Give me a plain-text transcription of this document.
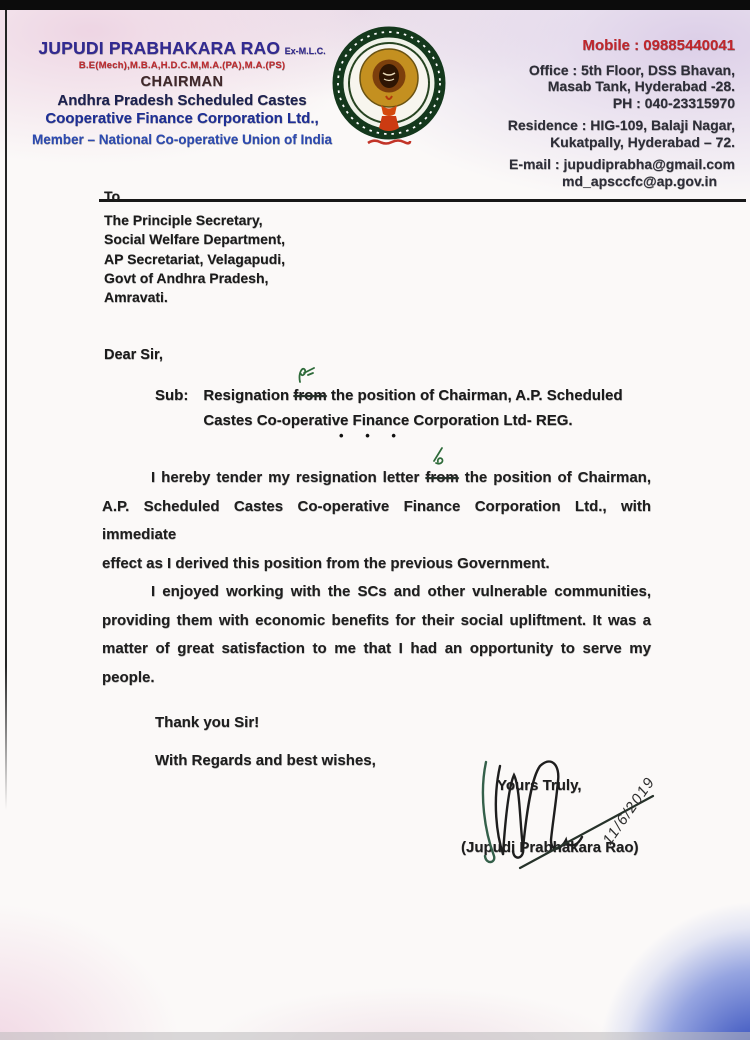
JUPUDI PRABHAKARA RAO Ex-M.L.C.
B.E(Mech),M.B.A,H.D.C.M,M.A.(PA),M.A.(PS)
CHAIRMAN
Andhra Pradesh Scheduled Castes
Cooperative Finance Corporation Ltd.,
Member – National Co-operative Union of India
Mobile : 09885440041
Office : 5th Floor, DSS Bhavan,
Masab Tank, Hyderabad -28.
PH : 040-23315970
Residence : HIG-109, Balaji Nagar,
Kukatpally, Hyderabad – 72.
E-mail : jupudiprabha@gmail.com
md_apsccfc@ap.gov.in
To
The Principle Secretary,
Social Welfare Department,
AP Secretariat, Velagapudi,
Govt of Andhra Pradesh,
Amravati.
Dear Sir,
Sub: Resignation from the position of Chairman, A.P. Scheduled
Castes Co-operative Finance Corporation Ltd- REG.
• • •
I hereby tender my resignation letter from the position of Chairman,
A.P. Scheduled Castes Co-operative Finance Corporation Ltd., with immediate
effect as I derived this position from the previous Government.
I enjoyed working with the SCs and other vulnerable communities,
providing them with economic benefits for their social upliftment. It was a
matter of great satisfaction to me that I had an opportunity to serve my
people.
Thank you Sir!
With Regards and best wishes,
Yours Truly,
(Jupudi Prabhakara Rao)
11/6/2019
